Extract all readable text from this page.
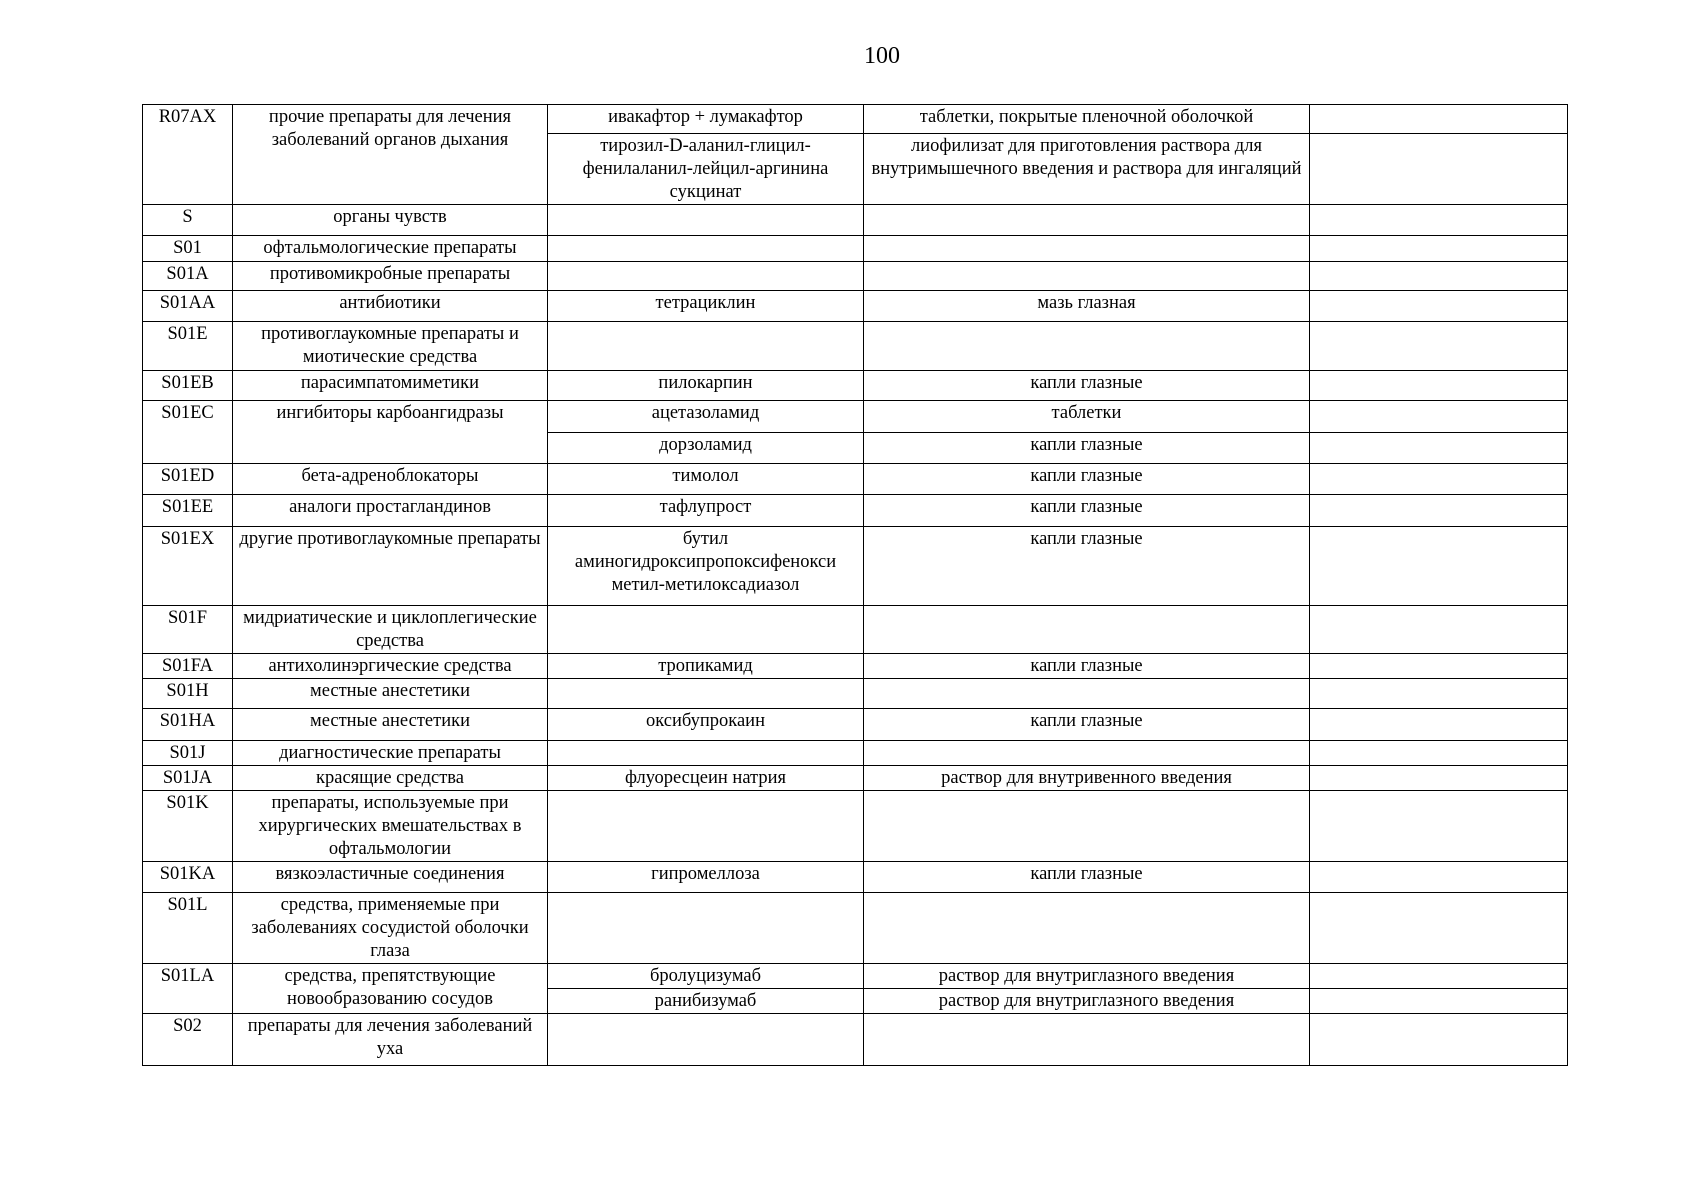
100
R07AX	прочие препараты для лечения заболеваний органов дыхания	ивакафтор + лумакафтор	таблетки, покрытые пленочной оболочкой	
		тирозил-D-аланил-глицил-фенилаланил-лейцил-аргинина сукцинат	лиофилизат для приготовления раствора для внутримышечного введения и раствора для ингаляций	
S	органы чувств			
S01	офтальмологические препараты			
S01A	противомикробные препараты			
S01AA	антибиотики	тетрациклин	мазь глазная	
S01E	противоглаукомные препараты и миотические средства			
S01EB	парасимпатомиметики	пилокарпин	капли глазные	
S01EC	ингибиторы карбоангидразы	ацетазоламид	таблетки	
		дорзоламид	капли глазные	
S01ED	бета-адреноблокаторы	тимолол	капли глазные	
S01EE	аналоги простагландинов	тафлупрост	капли глазные	
S01EX	другие противоглаукомные препараты	бутил аминогидроксипропоксифенокси метил-метилоксадиазол	капли глазные	
S01F	мидриатические и циклоплегические средства			
S01FA	антихолинэргические средства	тропикамид	капли глазные	
S01H	местные анестетики			
S01HA	местные анестетики	оксибупрокаин	капли глазные	
S01J	диагностические препараты			
S01JA	красящие средства	флуоресцеин натрия	раствор для внутривенного введения	
S01K	препараты, используемые при хирургических вмешательствах в офтальмологии			
S01KA	вязкоэластичные соединения	гипромеллоза	капли глазные	
S01L	средства, применяемые при заболеваниях сосудистой оболочки глаза			
S01LA	средства, препятствующие новообразованию сосудов	бролуцизумаб	раствор для внутриглазного введения	
		ранибизумаб	раствор для внутриглазного введения	
S02	препараты для лечения заболеваний уха			
